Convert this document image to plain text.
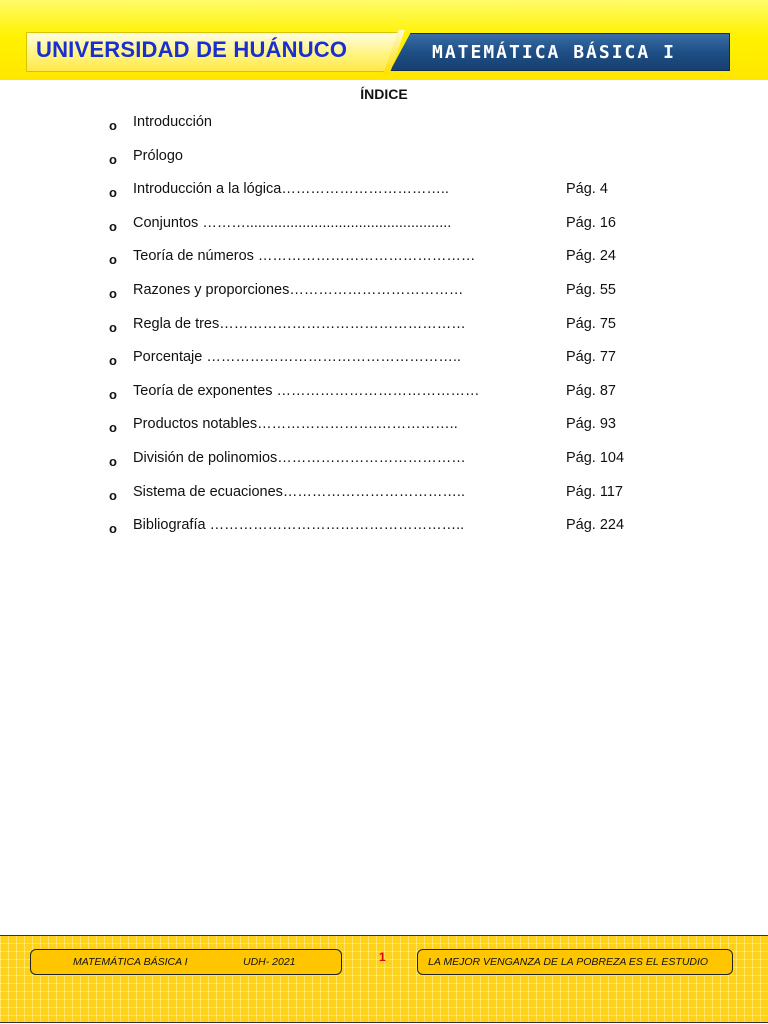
UNIVERSIDAD DE HUÁNUCO	MATEMÁTICA BÁSICA I
ÍNDICE
o Introducción
o Prólogo
o Introducción a la lógica……………………………..	Pág. 4
o Conjuntos ………...................................................	Pág. 16
o Teoría de números ………………………………………	Pág. 24
o Razones y proporciones………………………………	Pág. 55
o Regla de tres……………………………………………	Pág. 75
o Porcentaje ……………………………………………..	Pág. 77
o Teoría de exponentes ……………………………………	Pág. 87
o Productos notables…………………….……………..	Pág. 93
o División de polinomios…………………………………	Pág. 104
o Sistema de ecuaciones………………………………..	Pág. 117
o Bibliografía ……………………………………………..	Pág. 224
MATEMÁTICA BÁSICA I	UDH- 2021	1	LA MEJOR VENGANZA DE LA POBREZA ES EL ESTUDIO
